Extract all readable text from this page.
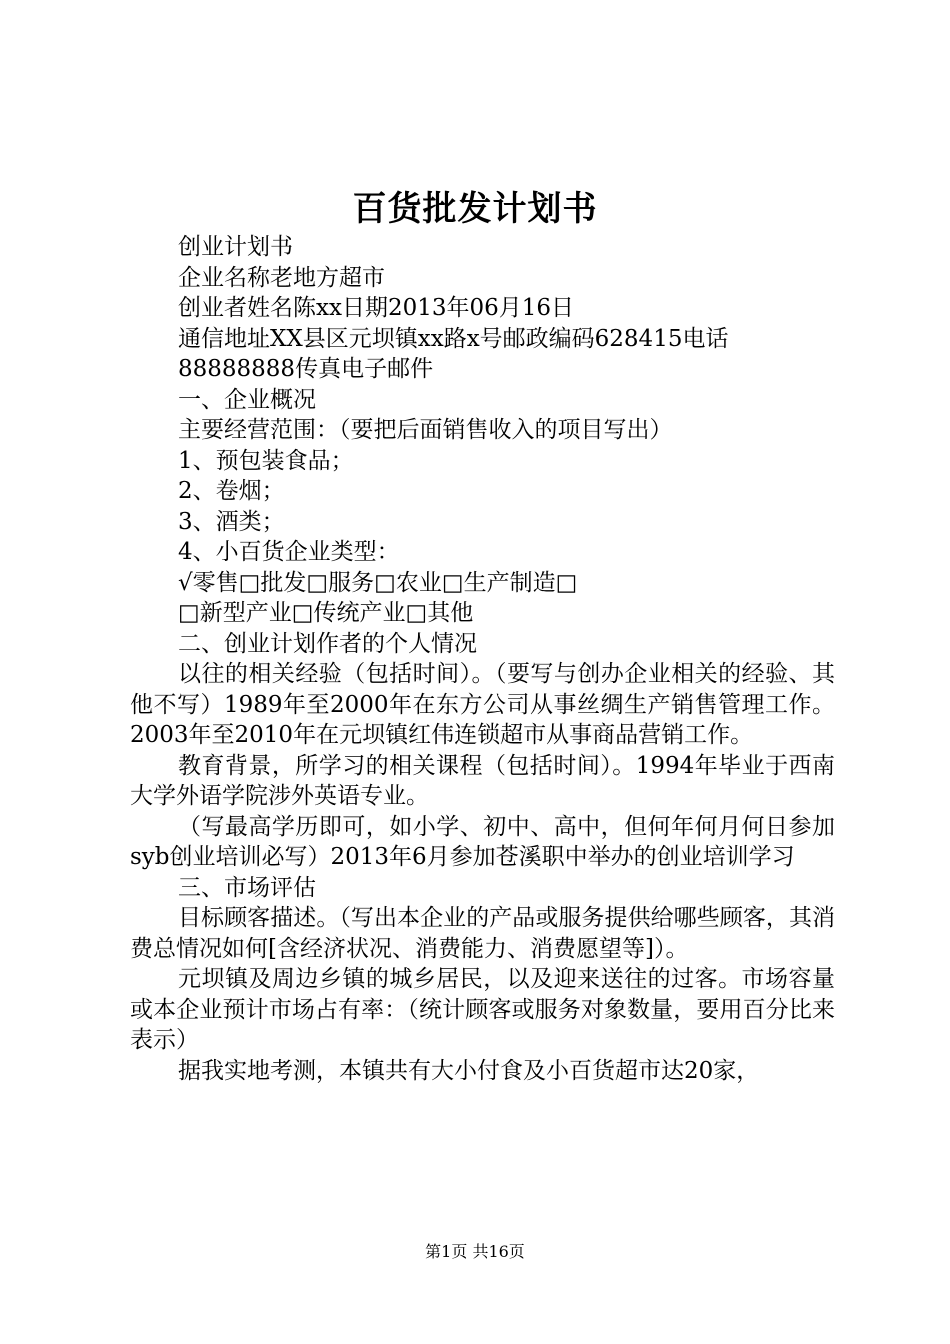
百货批发计划书

创业计划书

企业名称老地方超市

创业者姓名陈xx日期2013年06月16日

通信地址XX县区元坝镇xx路x号邮政编码628415电话

88888888传真电子邮件

一、企业概况

主要经营范围：（要把后面销售收入的项目写出）

1、预包装食品；

2、卷烟；

3、酒类；

4、小百货企业类型：

√零售□批发□服务□农业□生产制造□

□新型产业□传统产业□其他

二、创业计划作者的个人情况

以往的相关经验（包括时间）。（要写与创办企业相关的经验、其他不写）1989年至2000年在东方公司从事丝绸生产销售管理工作。2003年至2010年在元坝镇红伟连锁超市从事商品营销工作。

教育背景，所学习的相关课程（包括时间）。1994年毕业于西南大学外语学院涉外英语专业。

（写最高学历即可，如小学、初中、高中，但何年何月何日参加syb创业培训必写）2013年6月参加苍溪职中举办的创业培训学习

三、市场评估

目标顾客描述。（写出本企业的产品或服务提供给哪些顾客，其消费总情况如何[含经济状况、消费能力、消费愿望等]）。

元坝镇及周边乡镇的城乡居民，以及迎来送往的过客。市场容量或本企业预计市场占有率：（统计顾客或服务对象数量，要用百分比来表示）

据我实地考测，本镇共有大小付食及小百货超市达20家，

第1页 共16页
